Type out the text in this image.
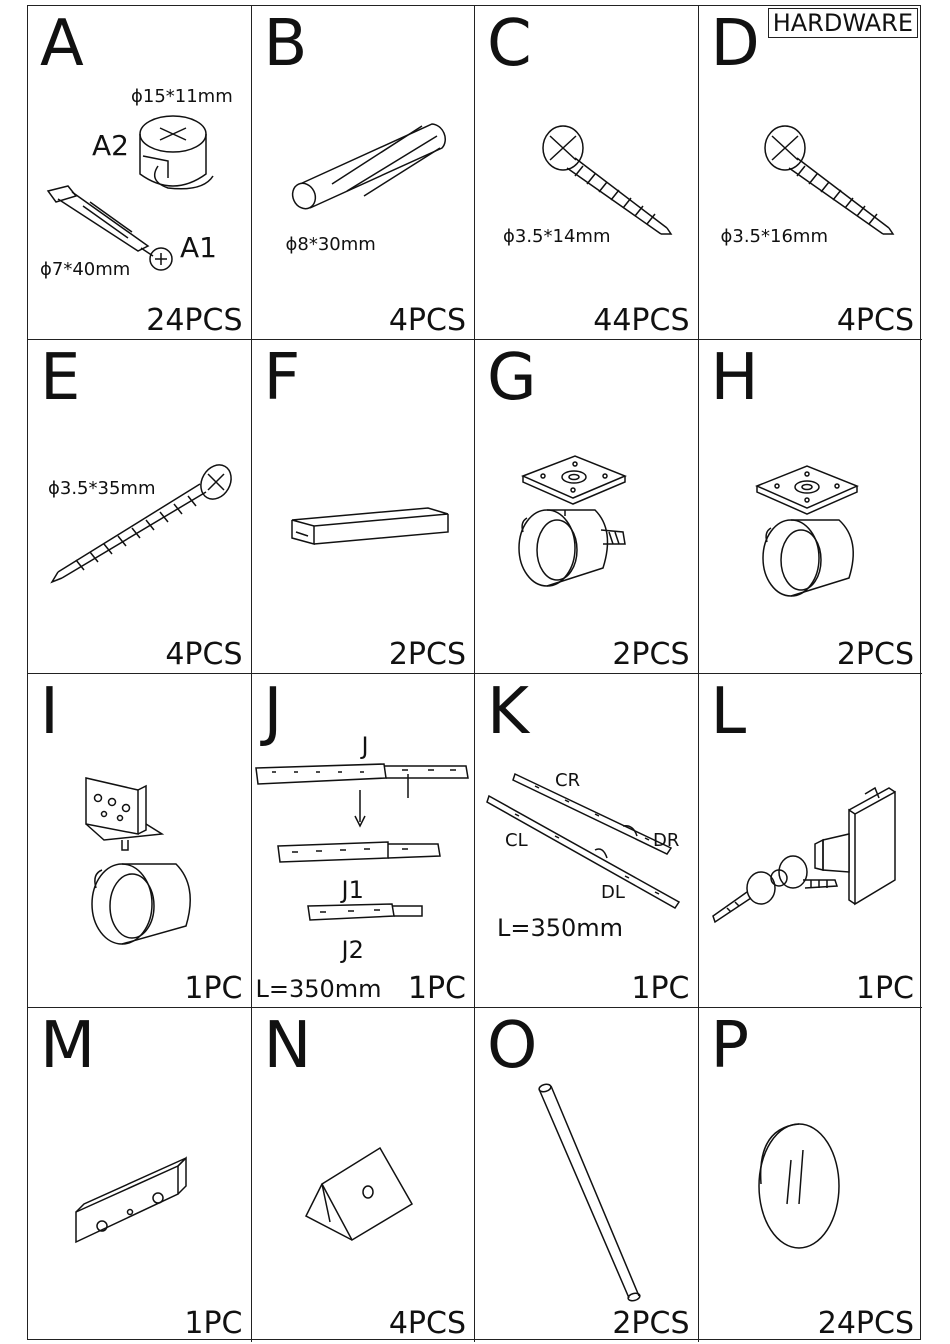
A
ϕ15*11mm
A2
A1
ϕ7*40mm
24PCS
B
ϕ8*30mm
4PCS
C
ϕ3.5*14mm
44PCS
D HARDWARE
ϕ3.5*16mm
4PCS
E
ϕ3.5*35mm
4PCS
F
2PCS
G
2PCS
H
2PCS
I
1PC
J	J
J1
J2
L=350mm 1PC
K
CR
DR
CL
DL
L=350mm
1PC
L
1PC
M
1PC
N
4PCS
O
2PCS
P
24PCS
